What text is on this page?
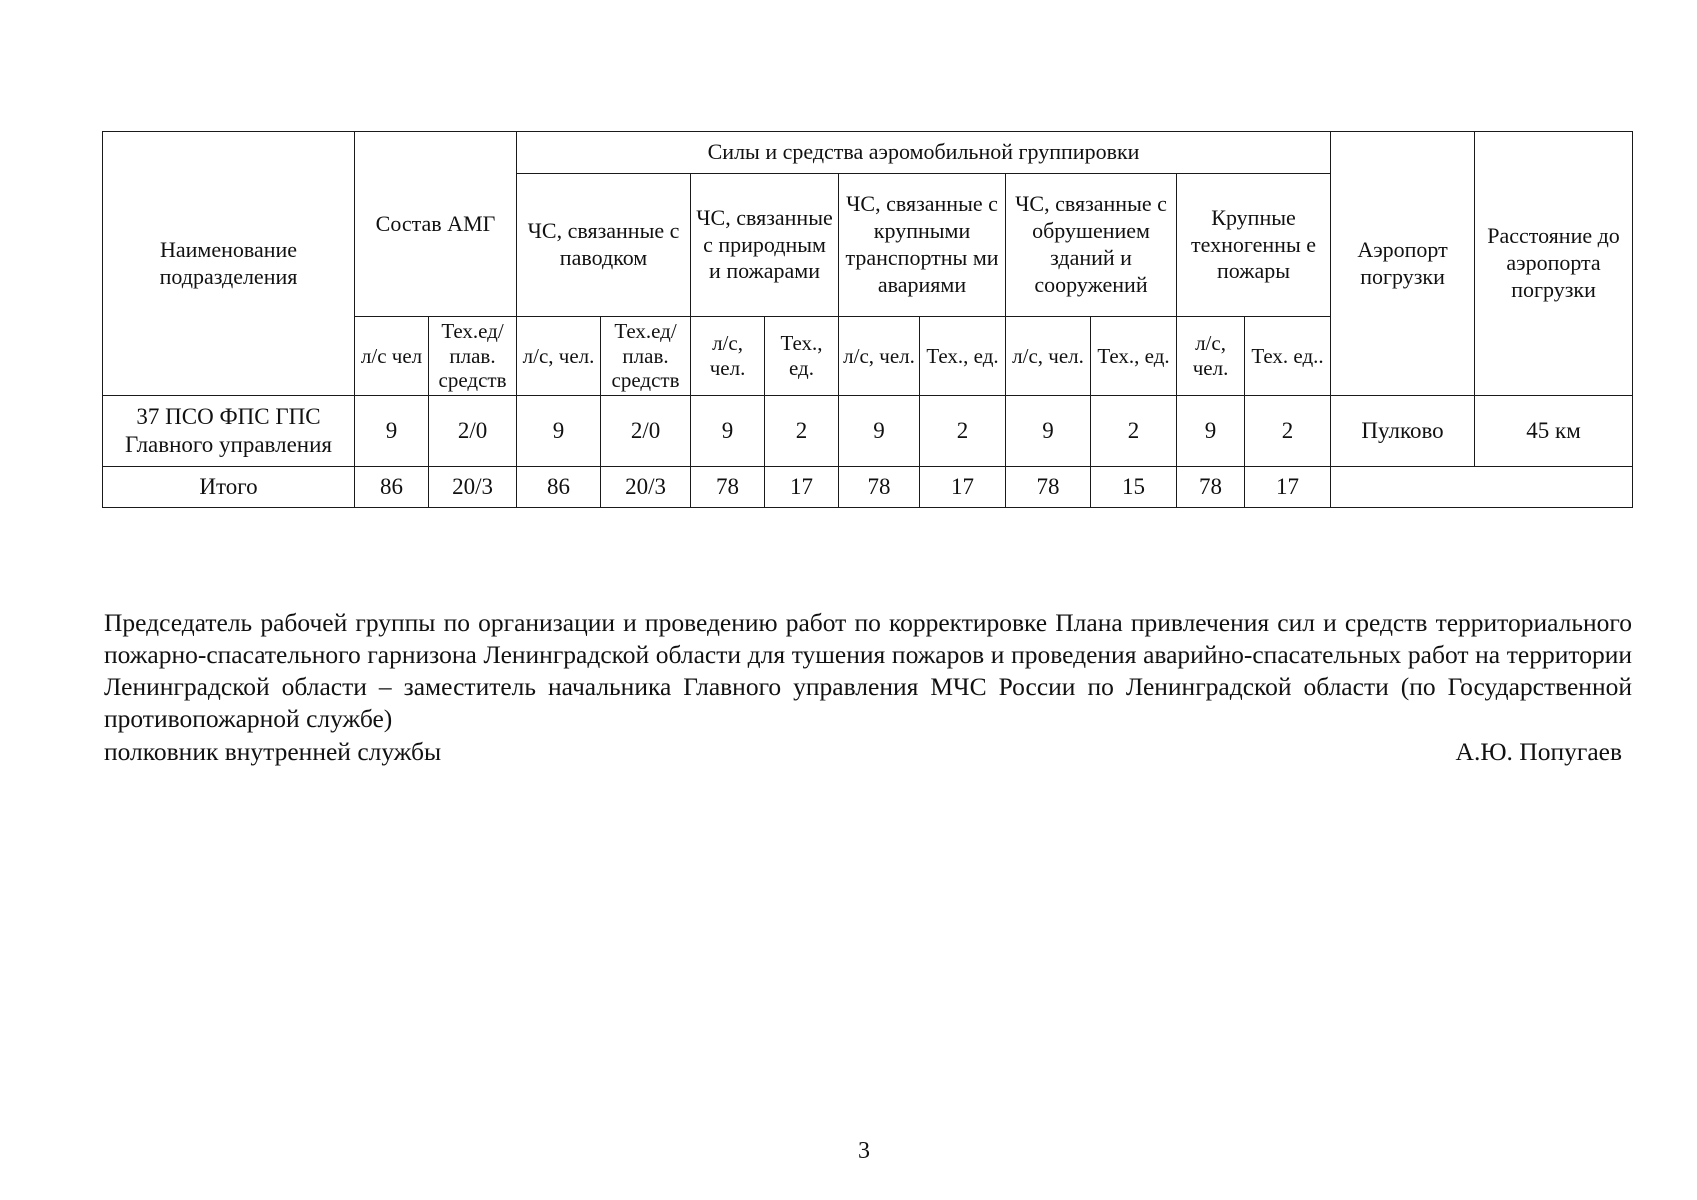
Наименование подразделения	Состав АМГ		Силы и средства аэромобильной группировки										Аэропорт погрузки	Расстояние до аэропорта погрузки
			ЧС, связанные с паводком		ЧС, связанные с природным и пожарами		ЧС, связанные с крупными транспортны ми авариями		ЧС, связанные с обрушением зданий и сооружений		Крупные техногенны е пожары			
	л/с чел	Тех.ед/ плав. средств	л/с, чел.	Тех.ед/ плав. средств	л/с, чел.	Тех., ед.	л/с, чел.	Тех., ед.	л/с, чел.	Тех., ед.	л/с, чел.	Тех. ед..		
37 ПСО ФПС ГПС Главного управления	9	2/0	9	2/0	9	2	9	2	9	2	9	2	Пулково	45 км
Итого	86	20/3	86	20/3	78	17	78	17	78	15	78	17		
Председатель рабочей группы по организации и проведению работ по корректировке Плана привлечения сил и средств территориального пожарно-спасательного гарнизона Ленинградской области для тушения пожаров и проведения аварийно-спасательных работ на территории Ленинградской области – заместитель начальника Главного управления МЧС России по Ленинградской области (по Государственной противопожарной службе)
полковник внутренней службы	А.Ю. Попугаев
3
